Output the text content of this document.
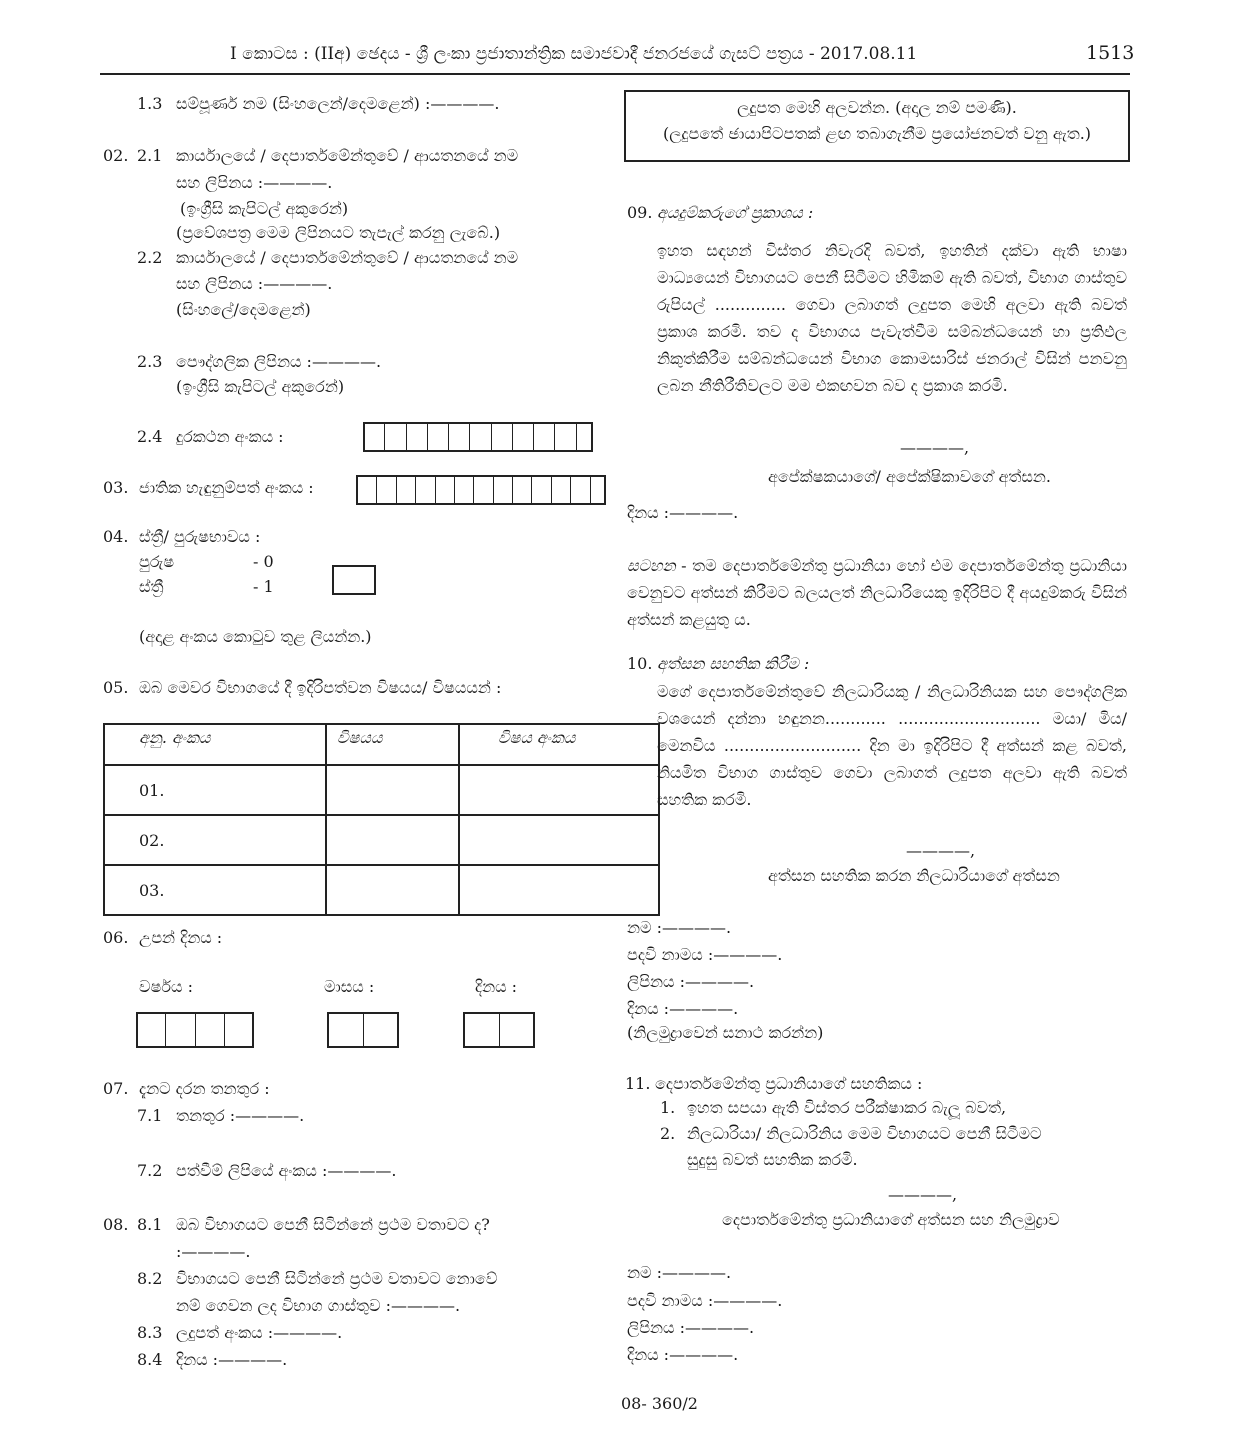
I කොටස : (IIඅ) ඡෙදය - ශ්‍රී ලංකා ප්‍රජාතාන්ත්‍රික සමාජවාදී ජනරජයේ ගැසට් පත්‍රය - 2017.08.11	1513
1.3 සම්පූර්ණ නම (සිංහලෙන්/දෙමළෙන්) :————.
02. 2.1 කාර්යාලයේ / දෙපාර්තමේන්තුවේ / ආයතනයේ නම
සහ ලිපිනය :————.
(ඉංග්‍රීසි කැපිටල් අකුරෙන්)
(ප්‍රවේශපත්‍ර මෙම ලිපිනයට තැපැල් කරනු ලැබේ.)
2.2 කාර්යාලයේ / දෙපාර්තමේන්තුවේ / ආයතනයේ නම
සහ ලිපිනය :————.
(සිංහලේ/දෙමළෙන්)
2.3 පෞද්ගලික ලිපිනය :————.
(ඉංග්‍රීසි කැපිටල් අකුරෙන්)
2.4 දුරකථන අංකය :
03. ජාතික හැඳුනුම්පත් අංකය :
04. ස්ත්‍රී/ පුරුෂභාවය :
පුරුෂ	- 0
ස්ත්‍රී	- 1
(අදාළ අංකය කොටුව තුළ ලියන්න.)
05. ඔබ මෙවර විභාගයේ දී ඉදිරිපත්වන විෂයය/ විෂයයන් :
අනු. අංකය	විෂයය	විෂය අංකය
01.		
02.		
03.		
06. උපන් දිනය :
වර්ෂය :	මාසය :	දිනය :
07. දැනට දරන තනතුර :
7.1 තනතුර :————.
7.2 පත්වීම් ලිපියේ අංකය :————.
08. 8.1 ඔබ විභාගයට පෙනී සිටින්නේ ප්‍රථම වතාවට ද?
:————.
8.2 විභාගයට පෙනී සිටින්නේ ප්‍රථම වතාවට නොවේ
නම් ගෙවන ලද විභාග ගාස්තුව :————.
8.3 ලදුපත් අංකය :————.
8.4 දිනය :————.
ලදුපත මෙහි අලවන්න. (අදාල නම් පමණි).
(ලදුපතේ ඡායාපිටපතක් ළඟ තබාගැනීම ප්‍රයෝජනවත් වනු ඇත.)
09. අයදුම්කරුගේ ප්‍රකාශය :
ඉහත සඳහන් විස්තර නිවැරදි බවත්, ඉහතින් දක්වා ඇති භාෂා මාධ්‍යයෙන් විභාගයට පෙනී සිටීමට හිමිකම් ඇති බවත්, විභාග ගාස්තුව රුපියල් .............. ගෙවා ලබාගත් ලදුපත මෙහි අලවා ඇති බවත් ප්‍රකාශ කරමි. තව ද විභාගය පැවැත්වීම සම්බන්ධයෙන් හා ප්‍රතිඵල නිකුත්කිරීම සම්බන්ධයෙන් විභාග කොමසාරිස් ජනරාල් විසින් පනවනු ලබන නීතිරීතිවලට මම එකඟවන බව ද ප්‍රකාශ කරමි.
————,
අපේක්ෂකයාගේ/ අපේක්ෂිකාවගේ අත්සන.
දිනය :————.
සටහන - තම දෙපාර්තමේන්තු ප්‍රධානියා හෝ එම දෙපාර්තමේන්තු ප්‍රධානියා වෙනුවට අත්සන් කිරීමට බලයලත් නිලධාරියෙකු ඉදිරිපිට දී අයදුම්කරු විසින් අත්සන් කළයුතු ය.
10. අත්සන සහතික කිරීම :
මගේ දෙපාර්තමේන්තුවේ නිලධාරියකු / නිලධාරිනියක සහ පෞද්ගලික වශයෙන් දන්නා හඳුනන............ ............................ මයා/ මිය/ මෙනවිය ........................... දින මා ඉදිරිපිට දී අත්සන් කළ බවත්, නියමිත විභාග ගාස්තුව ගෙවා ලබාගත් ලදුපත අලවා ඇති බවත් සහතික කරමි.
————,
අත්සන සහතික කරන නිලධාරියාගේ අත්සන
නම :————.
පදවි නාමය :————.
ලිපිනය :————.
දිනය :————.
(නිලමුද්‍රාවෙන් සනාථ කරන්න)
11. දෙපාර්තමේන්තු ප්‍රධානියාගේ සහතිකය :
1. ඉහත සපයා ඇති විස්තර පරීක්ෂාකර බැලූ බවත්,
2. නිලධාරියා/ නිලධාරිනිය මෙම විභාගයට පෙනී සිටීමට
සුදුසු බවත් සහතික කරමි.
————,
දෙපාර්තමේන්තු ප්‍රධානියාගේ අත්සන සහ නිලමුද්‍රාව
නම :————.
පදවි නාමය :————.
ලිපිනය :————.
දිනය :————.
08- 360/2
